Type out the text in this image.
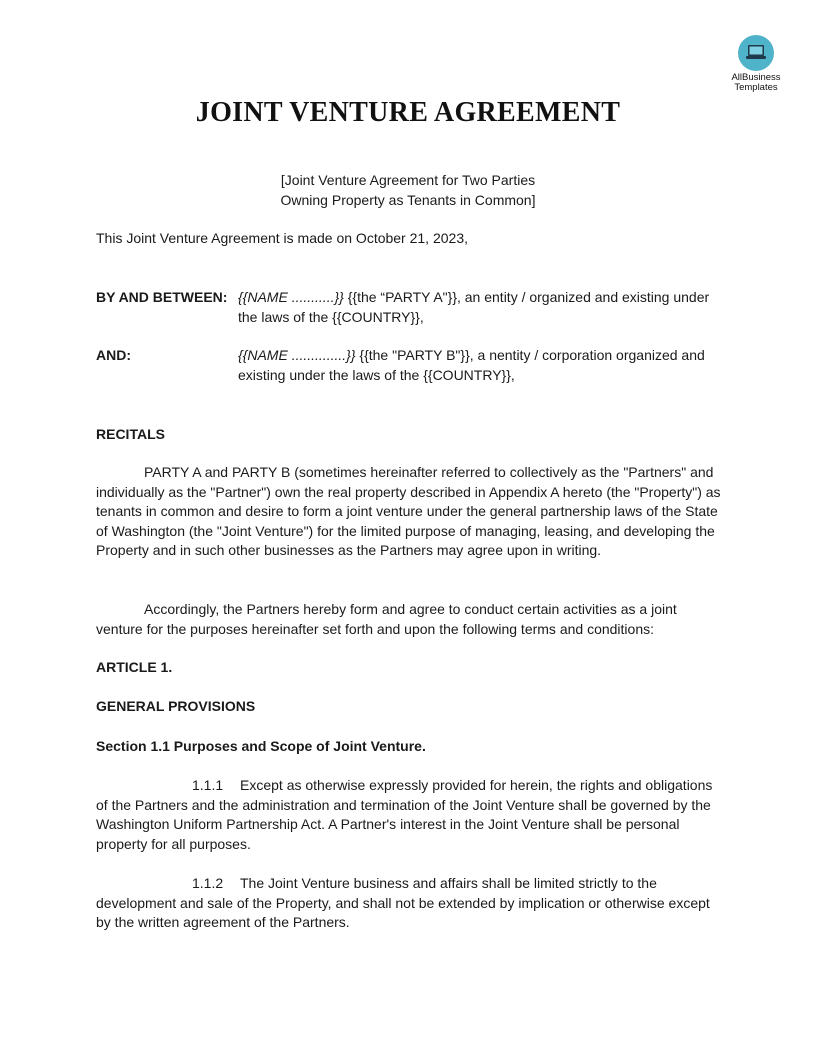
AllBusiness
Templates
JOINT VENTURE AGREEMENT
[Joint Venture Agreement for Two Parties
Owning Property as Tenants in Common]
This Joint Venture Agreement is made on October 21, 2023,
BY AND BETWEEN: {{NAME ...........}} {{the “PARTY A"}}, an entity / organized and existing under
the laws of the {{COUNTRY}},
AND:	{{NAME ..............}} {{the "PARTY B"}}, a nentity / corporation organized and
existing under the laws of the {{COUNTRY}},
RECITALS
PARTY A and PARTY B (sometimes hereinafter referred to collectively as the "Partners" and individually as the "Partner") own the real property described in Appendix A hereto (the "Property") as tenants in common and desire to form a joint venture under the general partnership laws of the State of Washington (the "Joint Venture") for the limited purpose of managing, leasing, and developing the Property and in such other businesses as the Partners may agree upon in writing.
Accordingly, the Partners hereby form and agree to conduct certain activities as a joint venture for the purposes hereinafter set forth and upon the following terms and conditions:
ARTICLE 1.
GENERAL PROVISIONS
Section 1.1 Purposes and Scope of Joint Venture.
1.1.1 Except as otherwise expressly provided for herein, the rights and obligations of the Partners and the administration and termination of the Joint Venture shall be governed by the Washington Uniform Partnership Act. A Partner's interest in the Joint Venture shall be personal property for all purposes.
1.1.2 The Joint Venture business and affairs shall be limited strictly to the development and sale of the Property, and shall not be extended by implication or otherwise except by the written agreement of the Partners.
